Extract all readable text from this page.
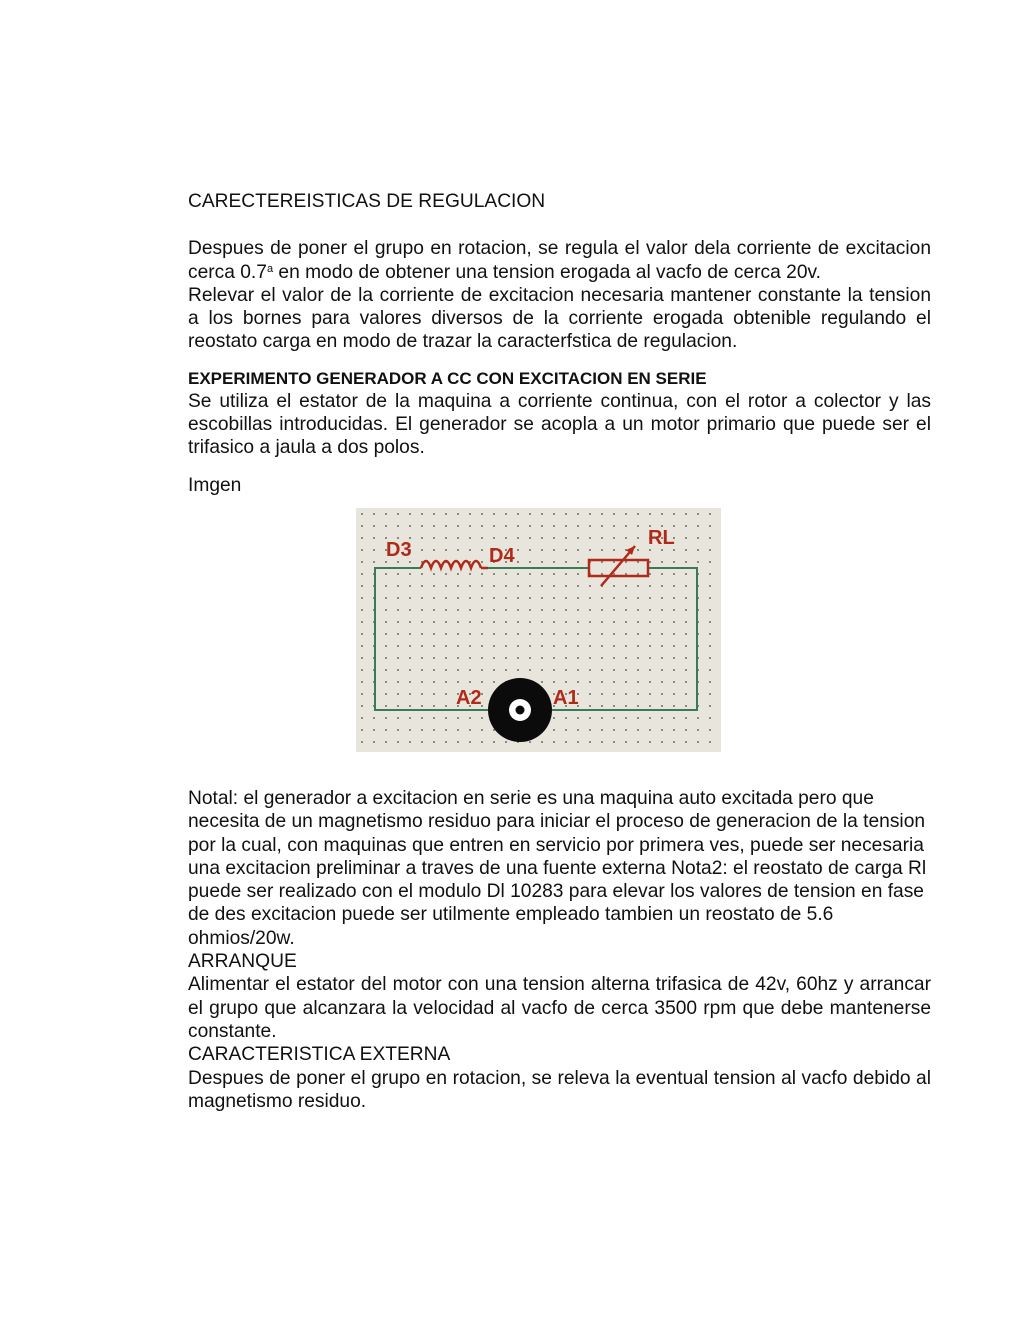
CARECTEREISTICAS DE REGULACION

Despues de poner el grupo en rotacion, se regula el valor dela corriente de excitacion cerca 0.7$^a$ en modo de obtener una tension erogada al vacfo de cerca 20v.

Relevar el valor de la corriente de excitacion necesaria mantener constante la tension a los bornes para valores diversos de la corriente erogada obtenible regulando el reostato carga en modo de trazar la caracterfstica de regulacion.

EXPERIMENTO GENERADOR A CC CON EXCITACION EN SERIE

Se utiliza el estator de la maquina a corriente continua, con el rotor a colector y las escobillas introducidas. El generador se acopla a un motor primario que puede ser el trifasico a jaula a dos polos.

Imgen

D3	D4
RL
A2	A1

Notal: el generador a excitacion en serie es una maquina auto excitada pero que necesita de un magnetismo residuo para iniciar el proceso de generacion de la tension por la cual, con maquinas que entren en servicio por primera ves, puede ser necesaria una excitacion preliminar a traves de una fuente externa Nota2: el reostato de carga Rl puede ser realizado con el modulo Dl 10283 para elevar los valores de tension en fase de des excitacion puede ser utilmente empleado tambien un reostato de 5.6 ohmios/20w.

ARRANQUE

Alimentar el estator del motor con una tension alterna trifasica de 42v, 60hz y arrancar el grupo que alcanzara la velocidad al vacfo de cerca 3500 rpm que debe mantenerse constante.

CARACTERISTICA EXTERNA

Despues de poner el grupo en rotacion, se releva la eventual tension al vacfo debido al magnetismo residuo.
